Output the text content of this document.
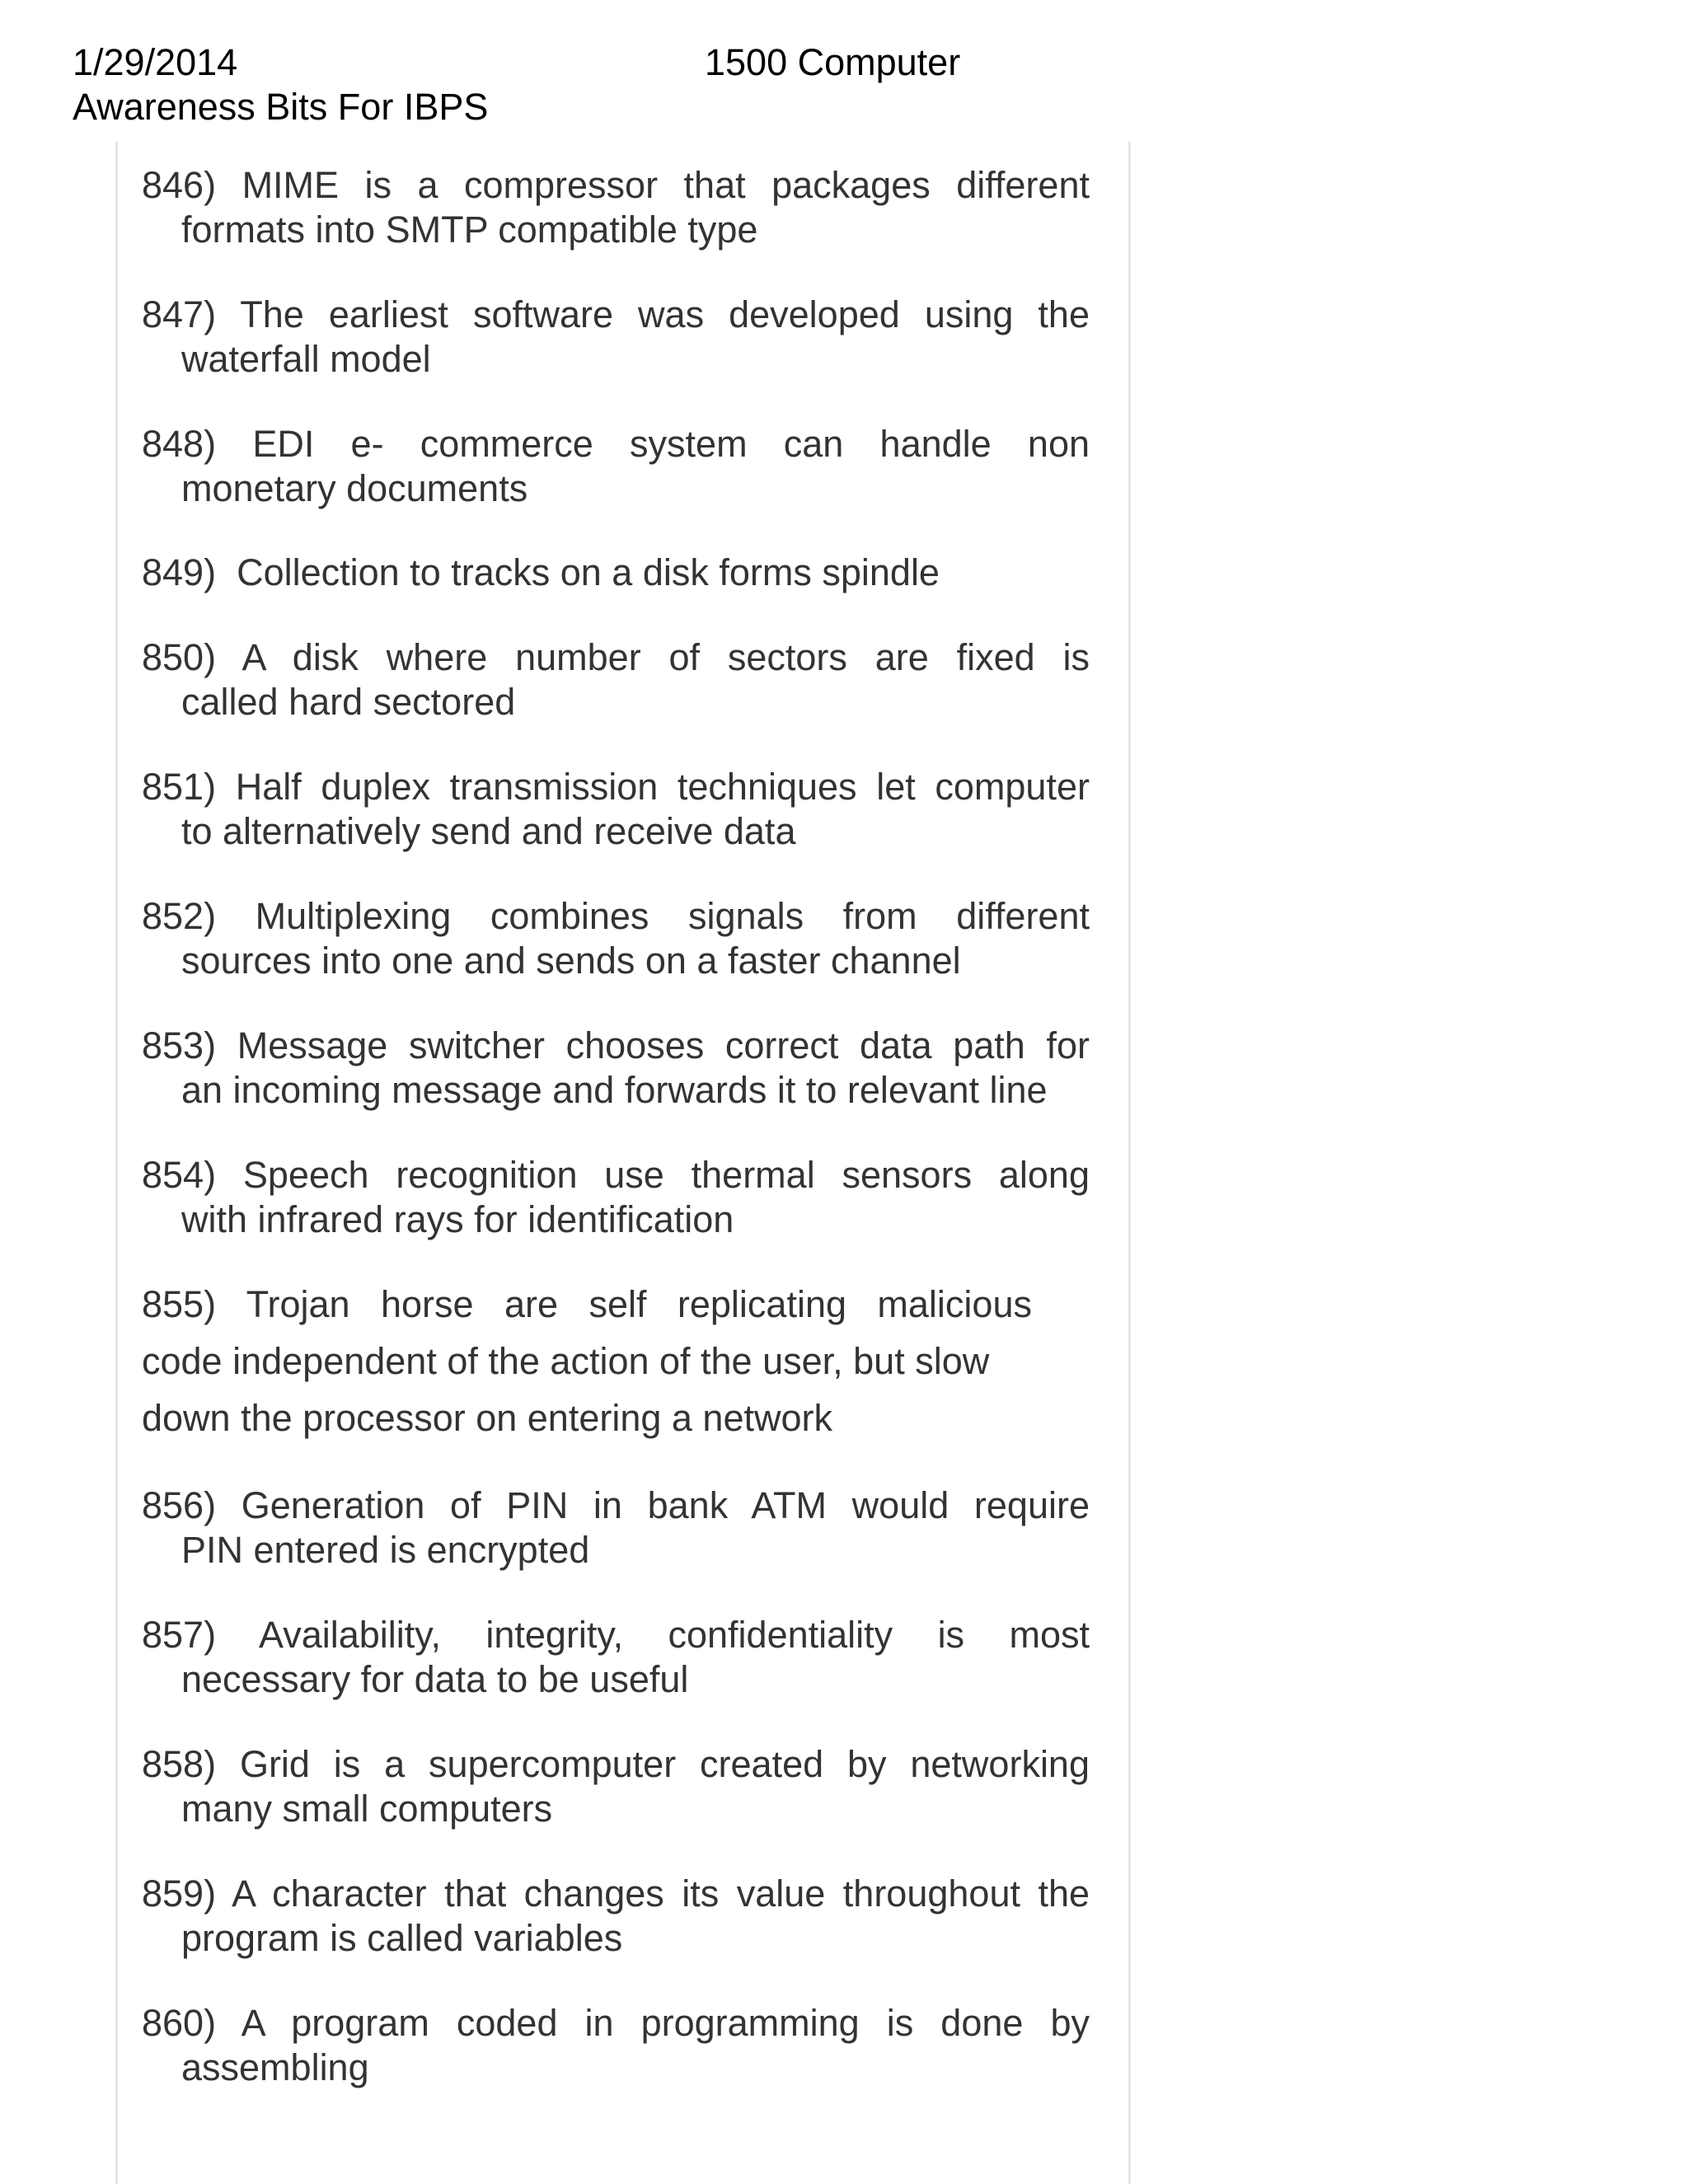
1/29/2014	1500 Computer
Awareness Bits For IBPS
846) MIME is a compressor that packages different
formats into SMTP compatible type
847) The earliest software was developed using the
waterfall model
848) EDI e- commerce system can handle non
monetary documents
849) Collection to tracks on a disk forms spindle
850) A disk where number of sectors are fixed is
called hard sectored
851) Half duplex transmission techniques let computer
to alternatively send and receive data
852) Multiplexing combines signals from different
sources into one and sends on a faster channel
853) Message switcher chooses correct data path for
an incoming message and forwards it to relevant line
854) Speech recognition use thermal sensors along
with infrared rays for identification
855) Trojan horse are self replicating malicious
code independent of the action of the user, but slow
down the processor on entering a network
856) Generation of PIN in bank ATM would require
PIN entered is encrypted
857) Availability, integrity, confidentiality is most
necessary for data to be useful
858) Grid is a supercomputer created by networking
many small computers
859) A character that changes its value throughout the
program is called variables
860) A program coded in programming is done by
assembling
